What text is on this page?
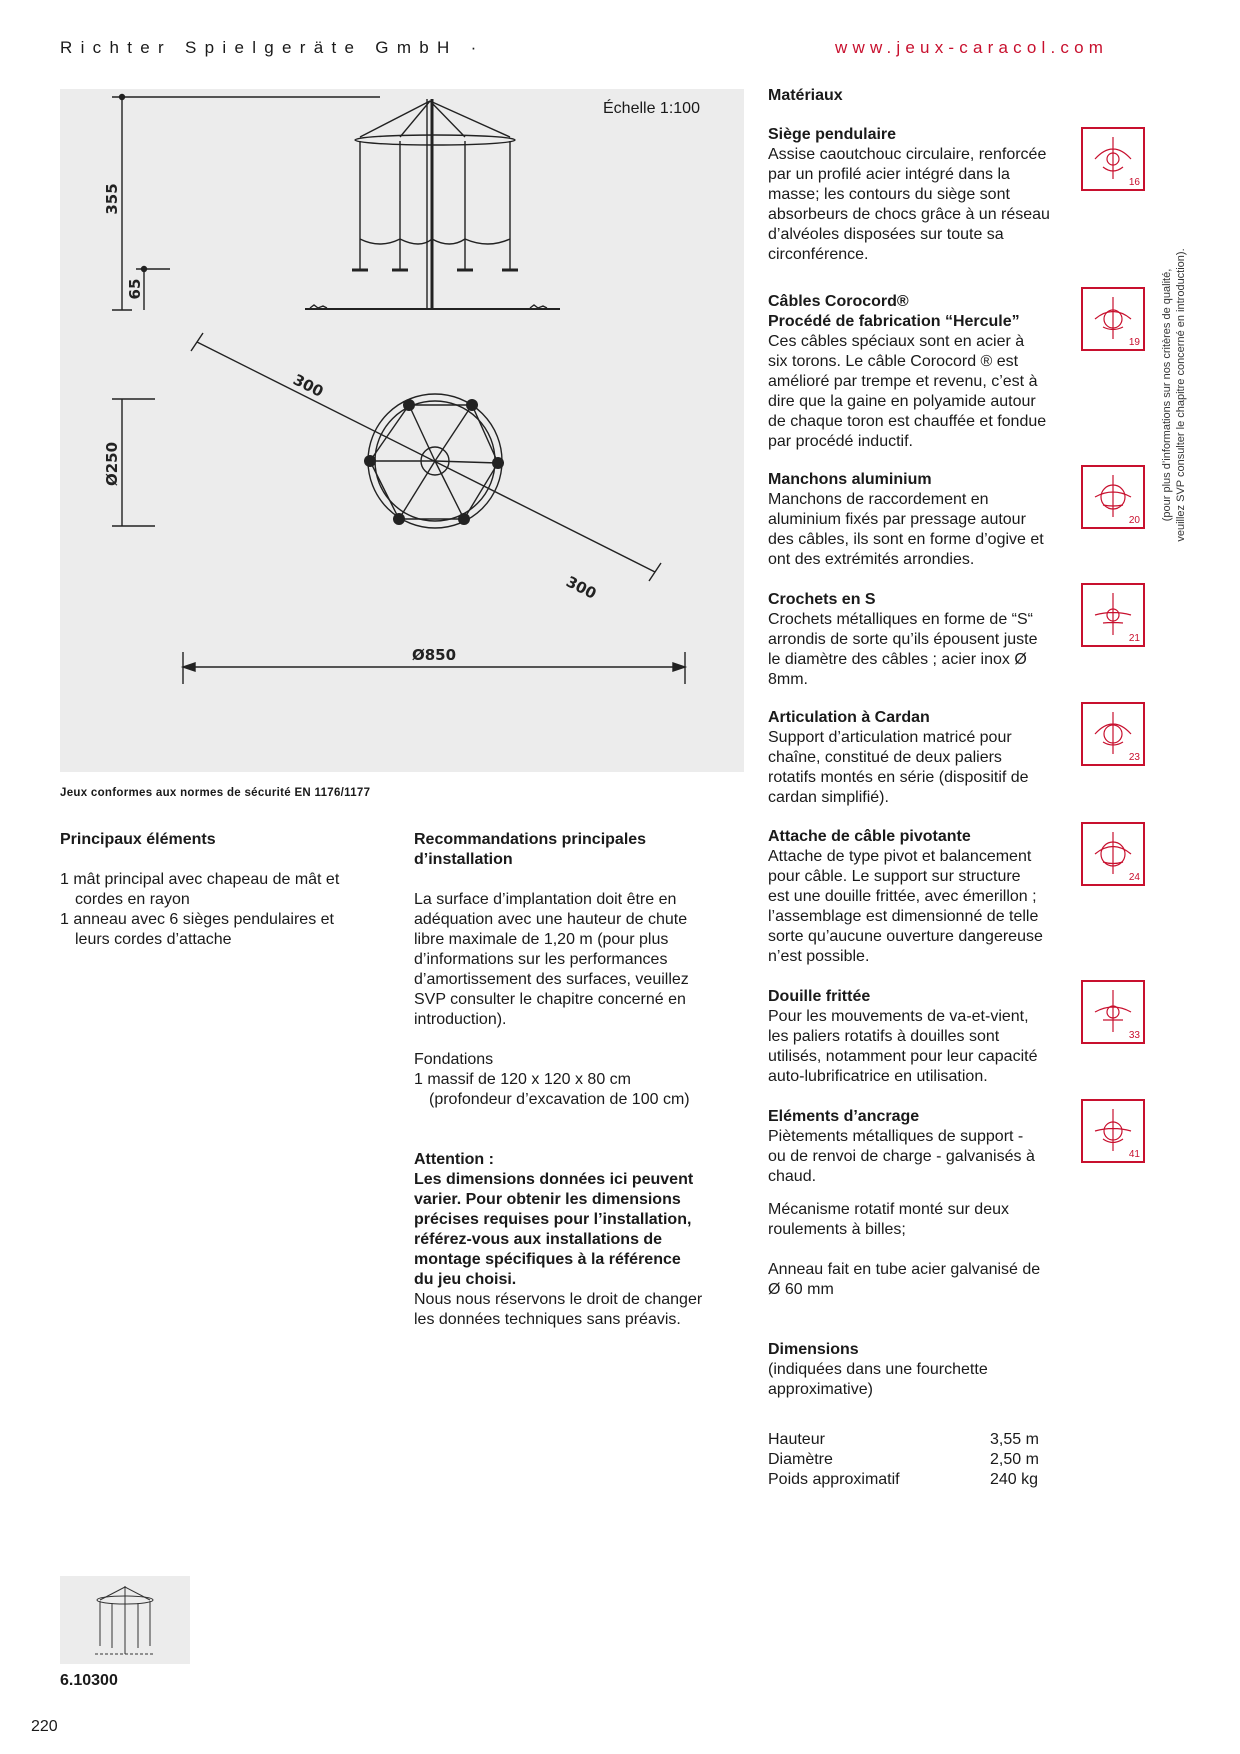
Richter Spielgeräte GmbH ·	www.jeux-caracol.com
355
65
Ø250
300
300
Ø850
Échelle 1:100
Jeux conformes aux normes de sécurité EN 1176/1177
Principaux éléments
1 mât principal avec chapeau de mât et
cordes en rayon
1 anneau avec 6 sièges pendulaires et
leurs cordes d’attache
Recommandations principales
d’installation
La surface d’implantation doit être en
adéquation avec une hauteur de chute
libre maximale de 1,20 m (pour plus
d’informations sur les performances
d’amortissement des surfaces, veuillez
SVP consulter le chapitre concerné en
introduction).
Fondations
1 massif de 120 x 120 x 80 cm
(profondeur d’excavation de 100 cm)
Attention :
Les dimensions données ici peuvent
varier. Pour obtenir les dimensions
précises requises pour l’installation,
référez-vous aux installations de
montage spécifiques à la référence
du jeu choisi.
Nous nous réservons le droit de changer
les données techniques sans préavis.
Matériaux
Siège pendulaire
Assise caoutchouc circulaire, renforcée
par un profilé acier intégré dans la
masse; les contours du siège sont
absorbeurs de chocs grâce à un réseau
d’alvéoles disposées sur toute sa
circonférence.
Câbles Corocord®
Procédé de fabrication “Hercule”
Ces câbles spéciaux sont en acier à
six torons. Le câble Corocord ® est
amélioré par trempe et revenu, c’est à
dire que la gaine en polyamide autour
de chaque toron est chauffée et fondue
par procédé inductif.
Manchons aluminium
Manchons de raccordement en
aluminium fixés par pressage autour
des câbles, ils sont en forme d’ogive et
ont des extrémités arrondies.
Crochets en S
Crochets métalliques en forme de “S“
arrondis de sorte qu’ils épousent juste
le diamètre des câbles ; acier inox Ø
8mm.
Articulation à Cardan
Support d’articulation matricé pour
chaîne, constitué de deux paliers
rotatifs montés en série (dispositif de
cardan simplifié).
Attache de câble pivotante
Attache de type pivot et balancement
pour câble. Le support sur structure
est une douille frittée, avec émerillon ;
l’assemblage est dimensionné de telle
sorte qu’aucune ouverture dangereuse
n’est possible.
Douille frittée
Pour les mouvements de va-et-vient,
les paliers rotatifs à douilles sont
utilisés, notamment pour leur capacité
auto-lubrificatrice en utilisation.
Eléments d’ancrage
Piètements métalliques de support -
ou de renvoi de charge - galvanisés à
chaud.
Mécanisme rotatif monté sur deux
roulements à billes;
Anneau fait en tube acier galvanisé de
Ø 60 mm
Dimensions
(indiquées dans une fourchette
approximative)
Hauteur	3,55 m
Diamètre	2,50 m
Poids approximatif	240 kg
(pour plus d’informations sur nos critères de qualité, veuillez SVP consulter le chapitre concerné en introduction).
6.10300
220
16
19
20
21
23
24
33
41
